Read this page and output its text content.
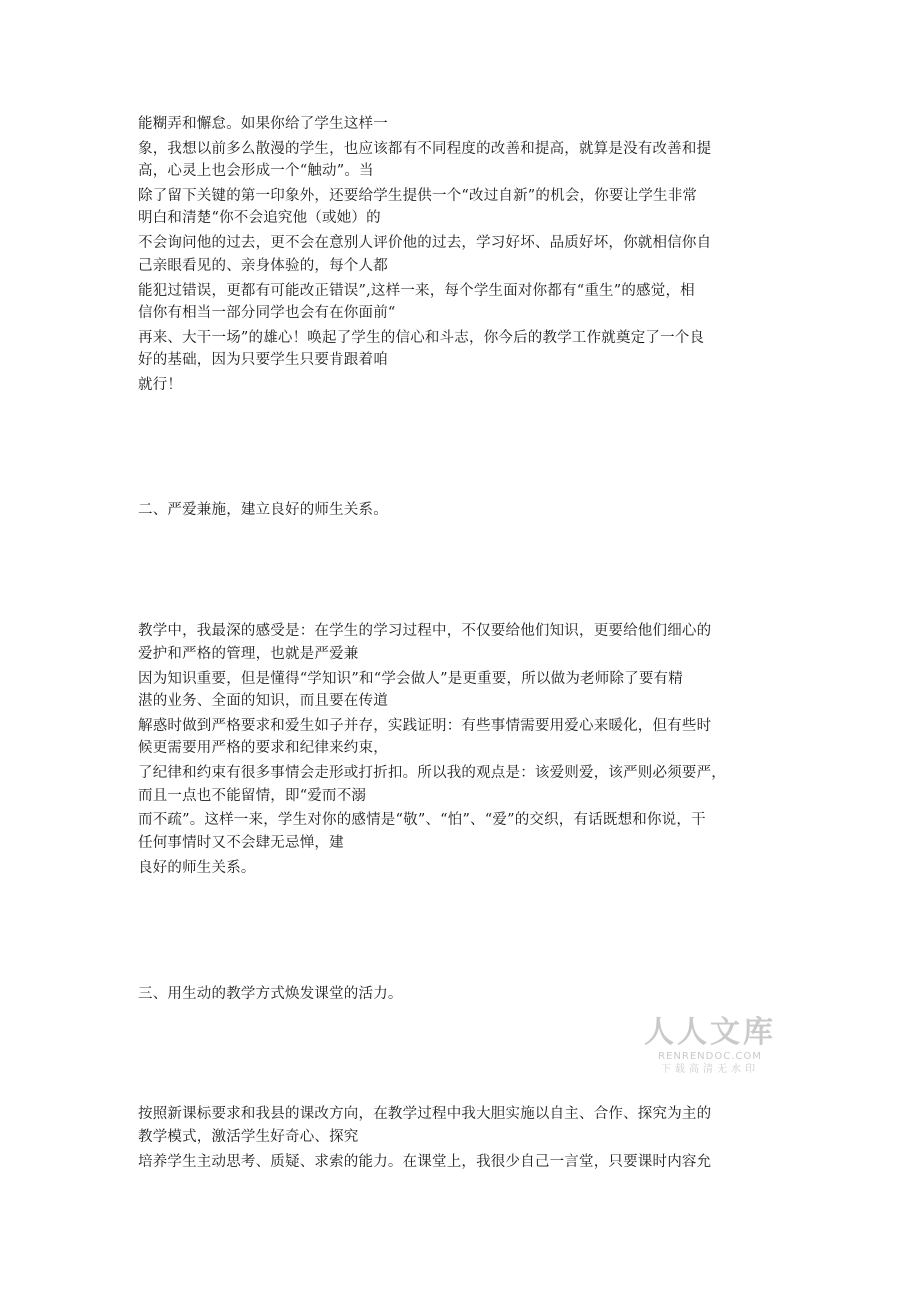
能糊弄和懈怠。如果你给了学生这样一
象，我想以前多么散漫的学生，也应该都有不同程度的改善和提高，就算是没有改善和提
高，心灵上也会形成一个“触动”。当
除了留下关键的第一印象外，还要给学生提供一个“改过自新”的机会，你要让学生非常
明白和清楚“你不会追究他（或她）的
不会询问他的过去，更不会在意别人评价他的过去，学习好坏、品质好坏，你就相信你自
己亲眼看见的、亲身体验的，每个人都
能犯过错误，更都有可能改正错误”,这样一来，每个学生面对你都有“重生”的感觉，相
信你有相当一部分同学也会有在你面前“
再来、大干一场”的雄心！唤起了学生的信心和斗志，你今后的教学工作就奠定了一个良
好的基础，因为只要学生只要肯跟着咱
就行！
二、严爱兼施，建立良好的师生关系。
教学中，我最深的感受是：在学生的学习过程中，不仅要给他们知识，更要给他们细心的
爱护和严格的管理，也就是严爱兼
因为知识重要，但是懂得“学知识”和“学会做人”是更重要，所以做为老师除了要有精
湛的业务、全面的知识，而且要在传道
解惑时做到严格要求和爱生如子并存，实践证明：有些事情需要用爱心来暖化，但有些时
候更需要用严格的要求和纪律来约束，
了纪律和约束有很多事情会走形或打折扣。所以我的观点是：该爱则爱，该严则必须要严，
而且一点也不能留情，即“爱而不溺
而不疏”。这样一来，学生对你的感情是“敬”、“怕”、“爱”的交织，有话既想和你说，干
任何事情时又不会肆无忌惮，建
良好的师生关系。
三、用生动的教学方式焕发课堂的活力。
人人文库
RENRENDOC.COM
下载高清无水印
按照新课标要求和我县的课改方向，在教学过程中我大胆实施以自主、合作、探究为主的
教学模式，激活学生好奇心、探究
培养学生主动思考、质疑、求索的能力。在课堂上，我很少自己一言堂，只要课时内容允
